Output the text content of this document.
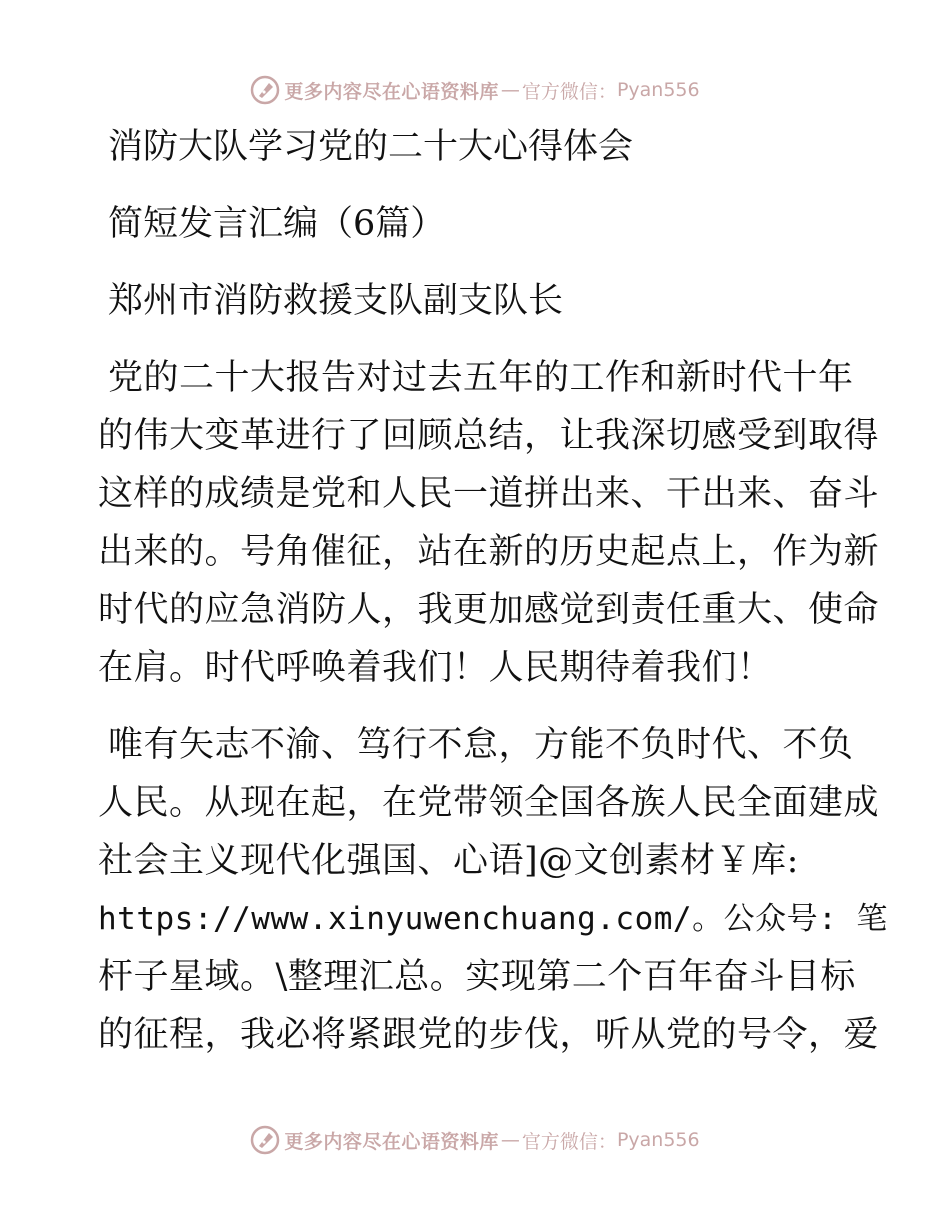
更多内容尽在心语资料库 — 官方微信： Pyan556
消防大队学习党的二十大心得体会
简短发言汇编（6篇）
郑州市消防救援支队副支队长
党的二十大报告对过去五年的工作和新时代十年
的伟大变革进行了回顾总结，让我深切感受到取得
这样的成绩是党和人民一道拼出来、干出来、奋斗
出来的。号角催征，站在新的历史起点上，作为新
时代的应急消防人，我更加感觉到责任重大、使命
在肩。时代呼唤着我们！人民期待着我们！
唯有矢志不渝、笃行不怠，方能不负时代、不负
人民。从现在起，在党带领全国各族人民全面建成
社会主义现代化强国、心语]@文创素材￥库:
https://www.xinyuwenchuang.com/。公众号: 笔
杆子星域。\整理汇总。实现第二个百年奋斗目标
的征程，我必将紧跟党的步伐，听从党的号令，爱
更多内容尽在心语资料库 — 官方微信： Pyan556
